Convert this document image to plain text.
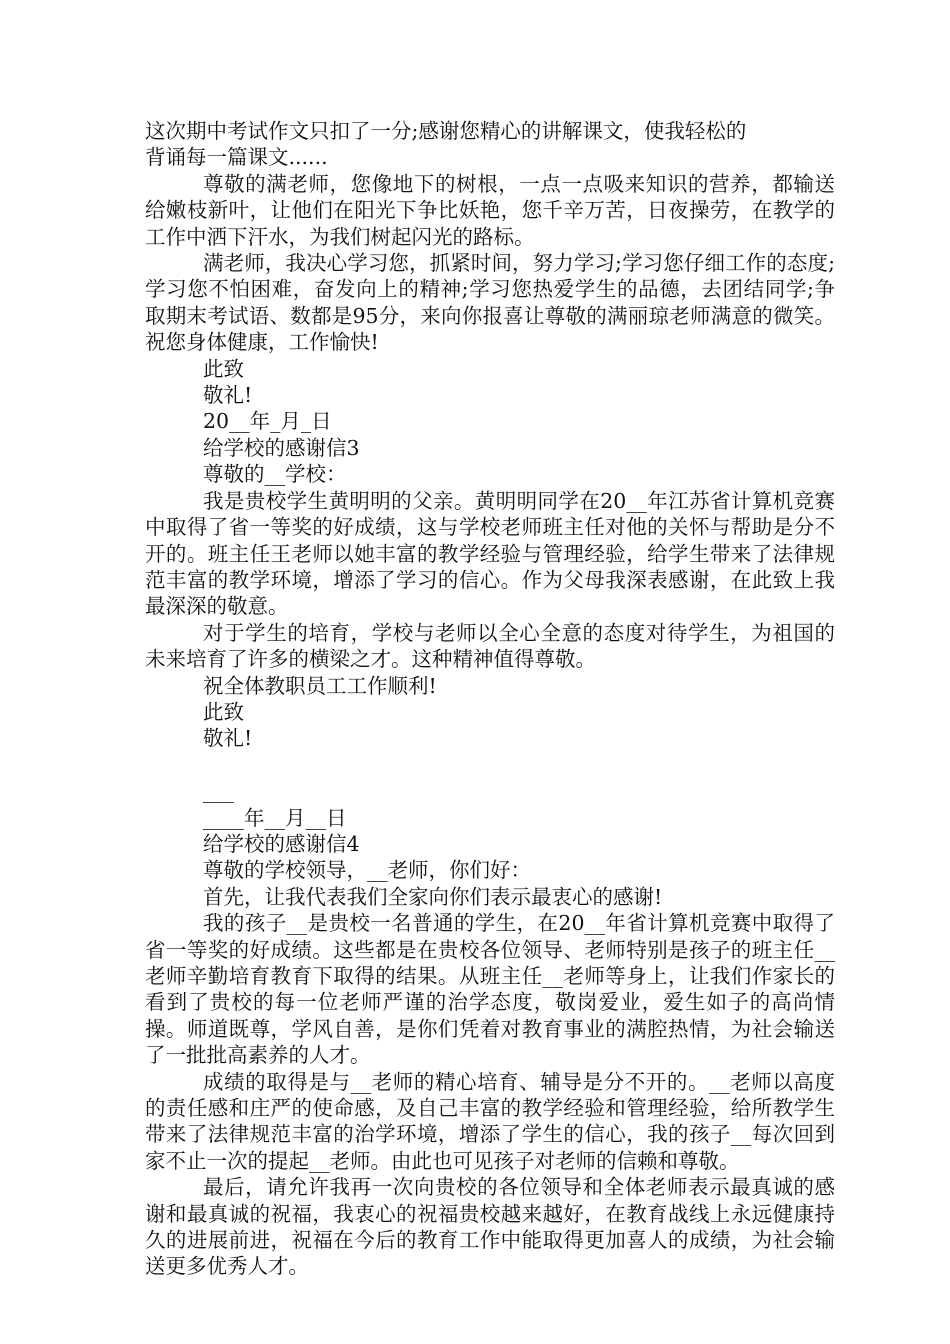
这次期中考试作文只扣了一分;感谢您精心的讲解课文，使我轻松的
背诵每一篇课文......
尊敬的满老师，您像地下的树根，一点一点吸来知识的营养，都输送给嫩枝新叶，让他们在阳光下争比妖艳，您千辛万苦，日夜操劳，在教学的工作中洒下汗水，为我们树起闪光的路标。
满老师，我决心学习您，抓紧时间，努力学习;学习您仔细工作的态度;学习您不怕困难，奋发向上的精神;学习您热爱学生的品德，去团结同学;争取期末考试语、数都是95分，来向你报喜让尊敬的满丽琼老师满意的微笑。祝您身体健康，工作愉快!
此致
敬礼!
20__年_月_日
给学校的感谢信3
尊敬的__学校：
我是贵校学生黄明明的父亲。黄明明同学在20__年江苏省计算机竞赛中取得了省一等奖的好成绩，这与学校老师班主任对他的关怀与帮助是分不开的。班主任王老师以她丰富的教学经验与管理经验，给学生带来了法律规范丰富的教学环境，增添了学习的信心。作为父母我深表感谢，在此致上我最深深的敬意。
对于学生的培育，学校与老师以全心全意的态度对待学生，为祖国的未来培育了许多的横梁之才。这种精神值得尊敬。
祝全体教职员工工作顺利!
此致
敬礼!
___
____年__月__日
给学校的感谢信4
尊敬的学校领导，__老师，你们好：
首先，让我代表我们全家向你们表示最衷心的感谢!
我的孩子__是贵校一名普通的学生，在20__年省计算机竞赛中取得了省一等奖的好成绩。这些都是在贵校各位领导、老师特别是孩子的班主任__老师辛勤培育教育下取得的结果。从班主任__老师等身上，让我们作家长的看到了贵校的每一位老师严谨的治学态度，敬岗爱业，爱生如子的高尚情操。师道既尊，学风自善，是你们凭着对教育事业的满腔热情，为社会输送了一批批高素养的人才。
成绩的取得是与__老师的精心培育、辅导是分不开的。__老师以高度的责任感和庄严的使命感，及自己丰富的教学经验和管理经验，给所教学生带来了法律规范丰富的治学环境，增添了学生的信心，我的孩子__每次回到家不止一次的提起__老师。由此也可见孩子对老师的信赖和尊敬。
最后，请允许我再一次向贵校的各位领导和全体老师表示最真诚的感谢和最真诚的祝福，我衷心的祝福贵校越来越好，在教育战线上永远健康持久的进展前进，祝福在今后的教育工作中能取得更加喜人的成绩，为社会输送更多优秀人才。
